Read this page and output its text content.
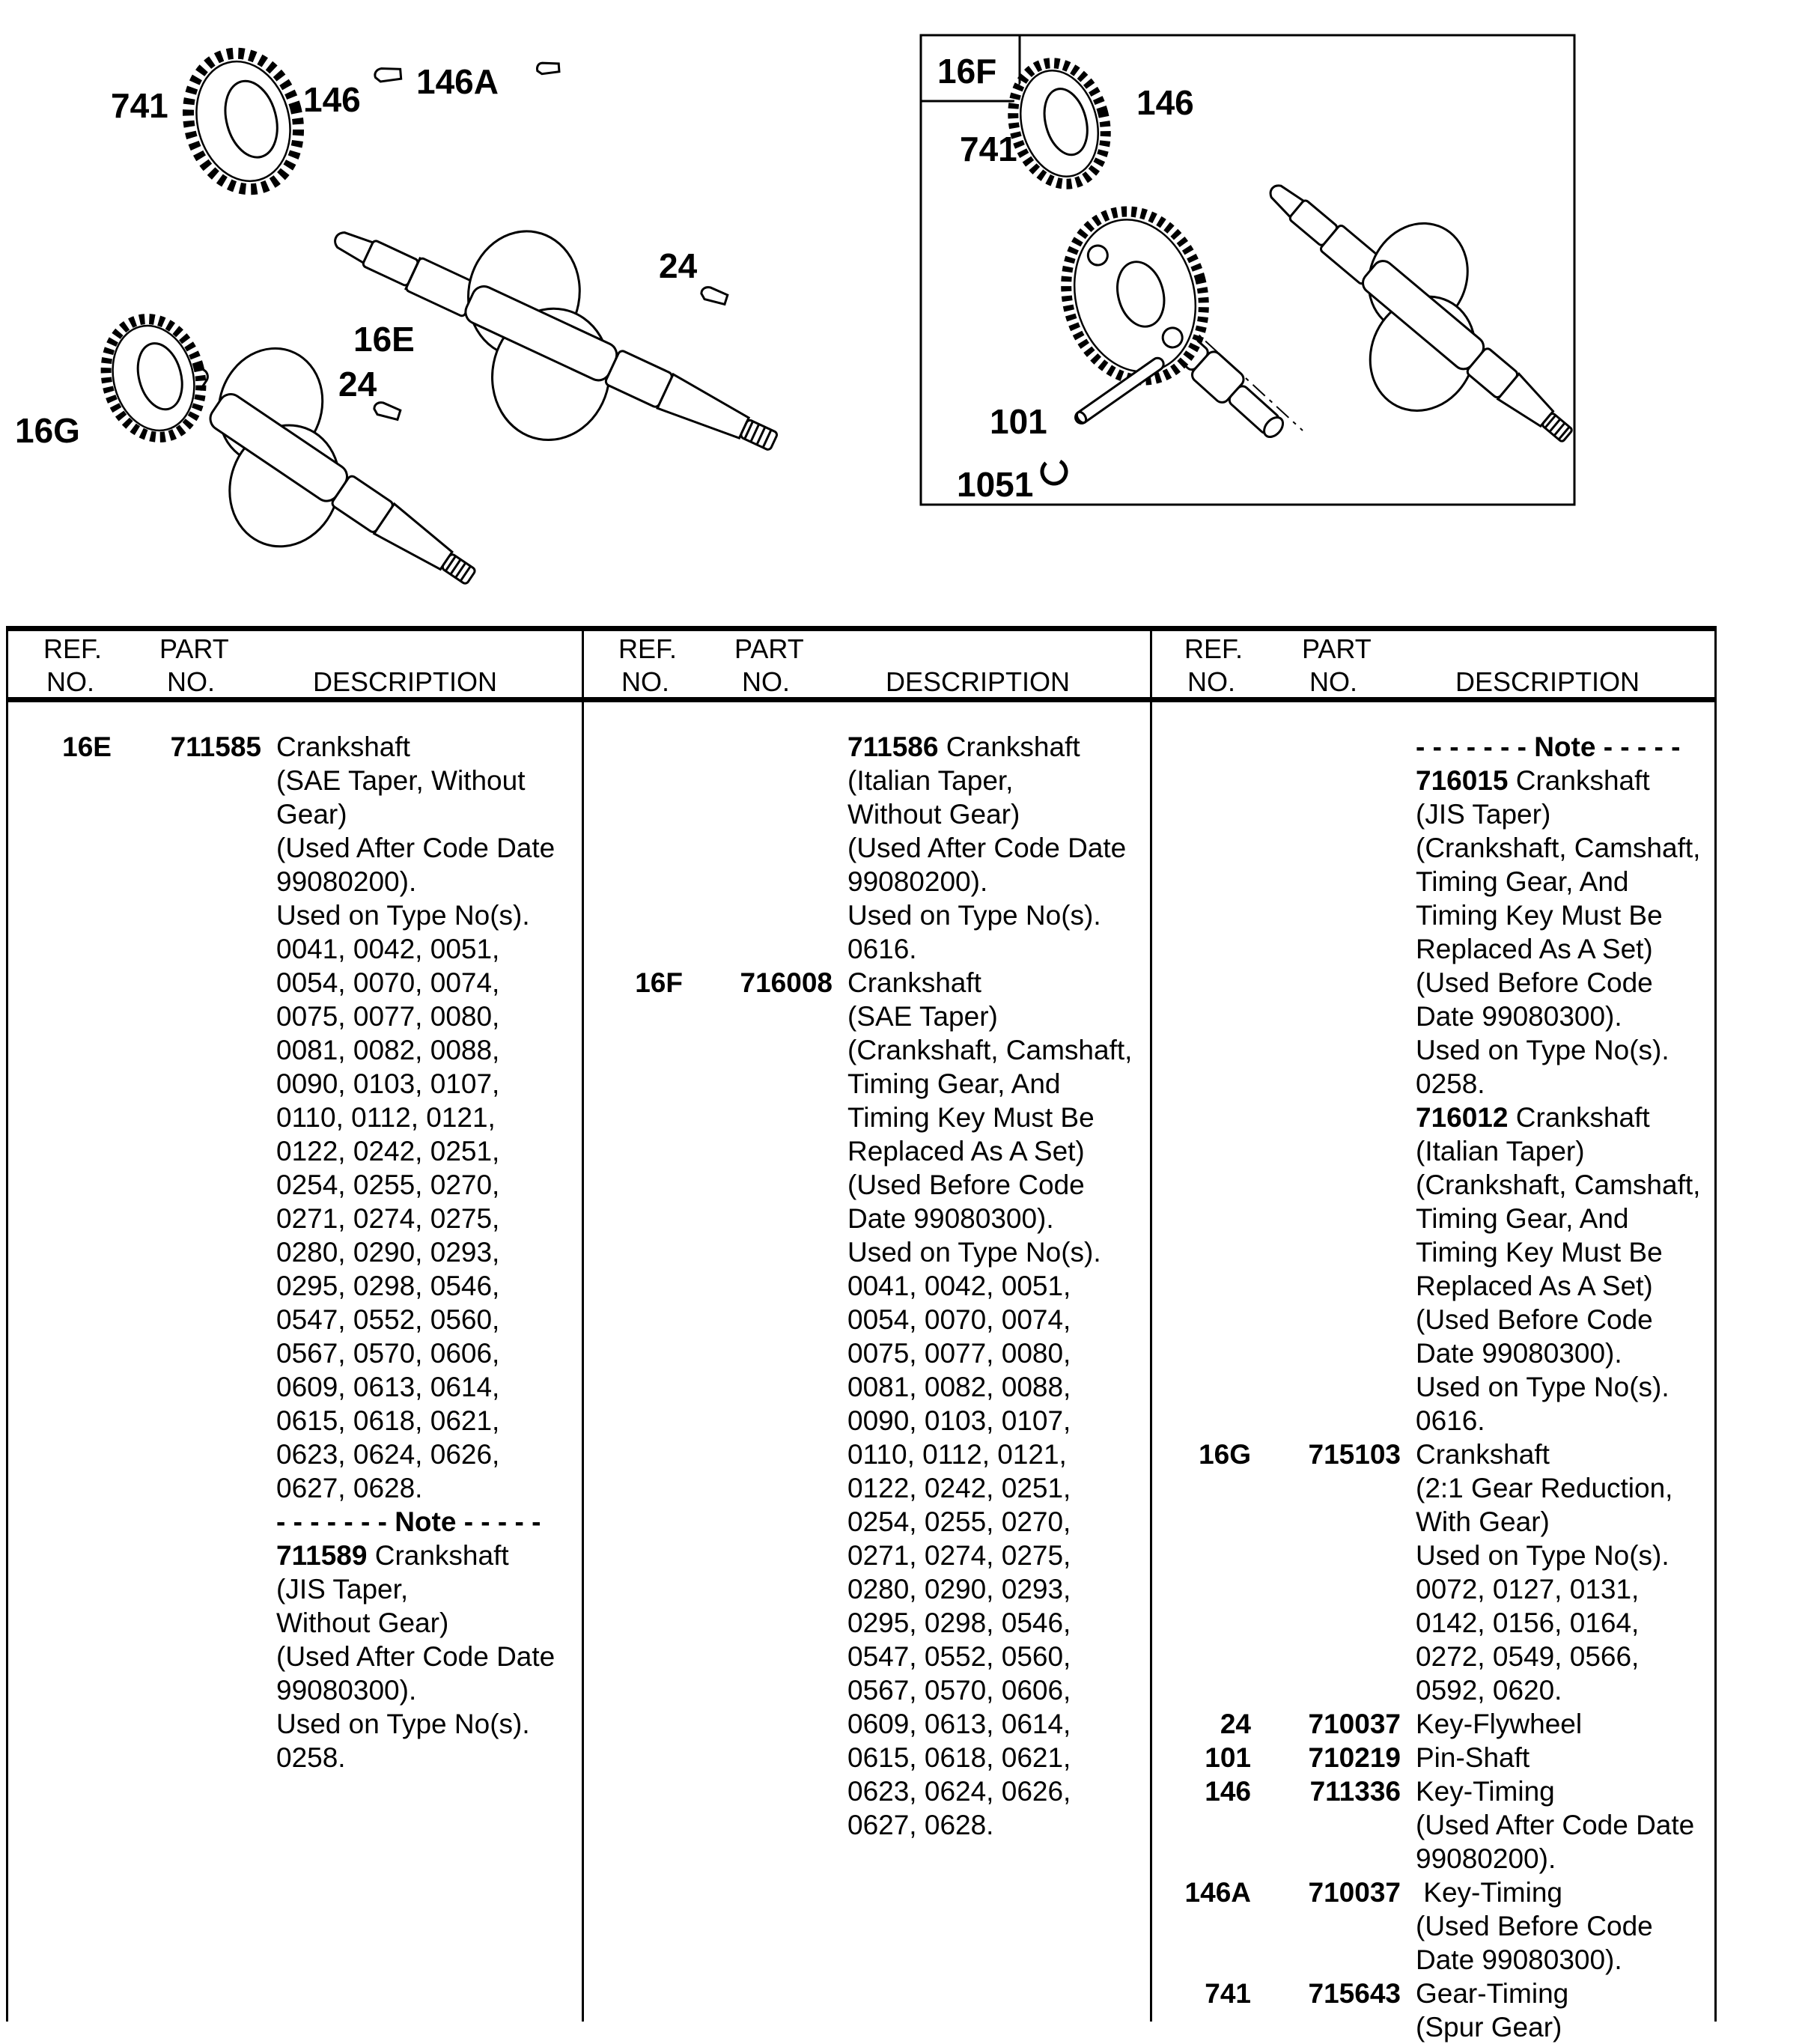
16F
741	146 146A
24
16E
24
16G
741
146
101
1051
REF.
NO.
PART
NO.	DESCRIPTION
REF.
NO.
PART
NO.	DESCRIPTION
REF.
NO.
PART
NO.	DESCRIPTION
16E	711585 Crankshaft
(SAE Taper, Without
Gear)
(Used After Code Date
99080200).
Used on Type No(s).
0041, 0042, 0051,
0054, 0070, 0074,
0075, 0077, 0080,
0081, 0082, 0088,
0090, 0103, 0107,
0110, 0112, 0121,
0122, 0242, 0251,
0254, 0255, 0270,
0271, 0274, 0275,
0280, 0290, 0293,
0295, 0298, 0546,
0547, 0552, 0560,
0567, 0570, 0606,
0609, 0613, 0614,
0615, 0618, 0621,
0623, 0624, 0626,
0627, 0628.
- - - - - - - Note - - - - -
711589 Crankshaft
(JIS Taper,
Without Gear)
(Used After Code Date
99080300).
Used on Type No(s).
0258.
711586 Crankshaft
(Italian Taper,
Without Gear)
(Used After Code Date
99080200).
Used on Type No(s).
0616.
16F	716008 Crankshaft
(SAE Taper)
(Crankshaft, Camshaft,
Timing Gear, And
Timing Key Must Be
Replaced As A Set)
(Used Before Code
Date 99080300).
Used on Type No(s).
0041, 0042, 0051,
0054, 0070, 0074,
0075, 0077, 0080,
0081, 0082, 0088,
0090, 0103, 0107,
0110, 0112, 0121,
0122, 0242, 0251,
0254, 0255, 0270,
0271, 0274, 0275,
0280, 0290, 0293,
0295, 0298, 0546,
0547, 0552, 0560,
0567, 0570, 0606,
0609, 0613, 0614,
0615, 0618, 0621,
0623, 0624, 0626,
0627, 0628.
- - - - - - - Note - - - - -
716015 Crankshaft
(JIS Taper)
(Crankshaft, Camshaft,
Timing Gear, And
Timing Key Must Be
Replaced As A Set)
(Used Before Code
Date 99080300).
Used on Type No(s).
0258.
716012 Crankshaft
(Italian Taper)
(Crankshaft, Camshaft,
Timing Gear, And
Timing Key Must Be
Replaced As A Set)
(Used Before Code
Date 99080300).
Used on Type No(s).
0616.
16G	715103 Crankshaft
(2:1 Gear Reduction,
With Gear)
Used on Type No(s).
0072, 0127, 0131,
0142, 0156, 0164,
0272, 0549, 0566,
0592, 0620.
24	710037 Key-Flywheel
101	710219 Pin-Shaft
146	711336 Key-Timing
(Used After Code Date
99080200).
146A	710037 Key-Timing
(Used Before Code
Date 99080300).
741	715643 Gear-Timing
(Spur Gear)
